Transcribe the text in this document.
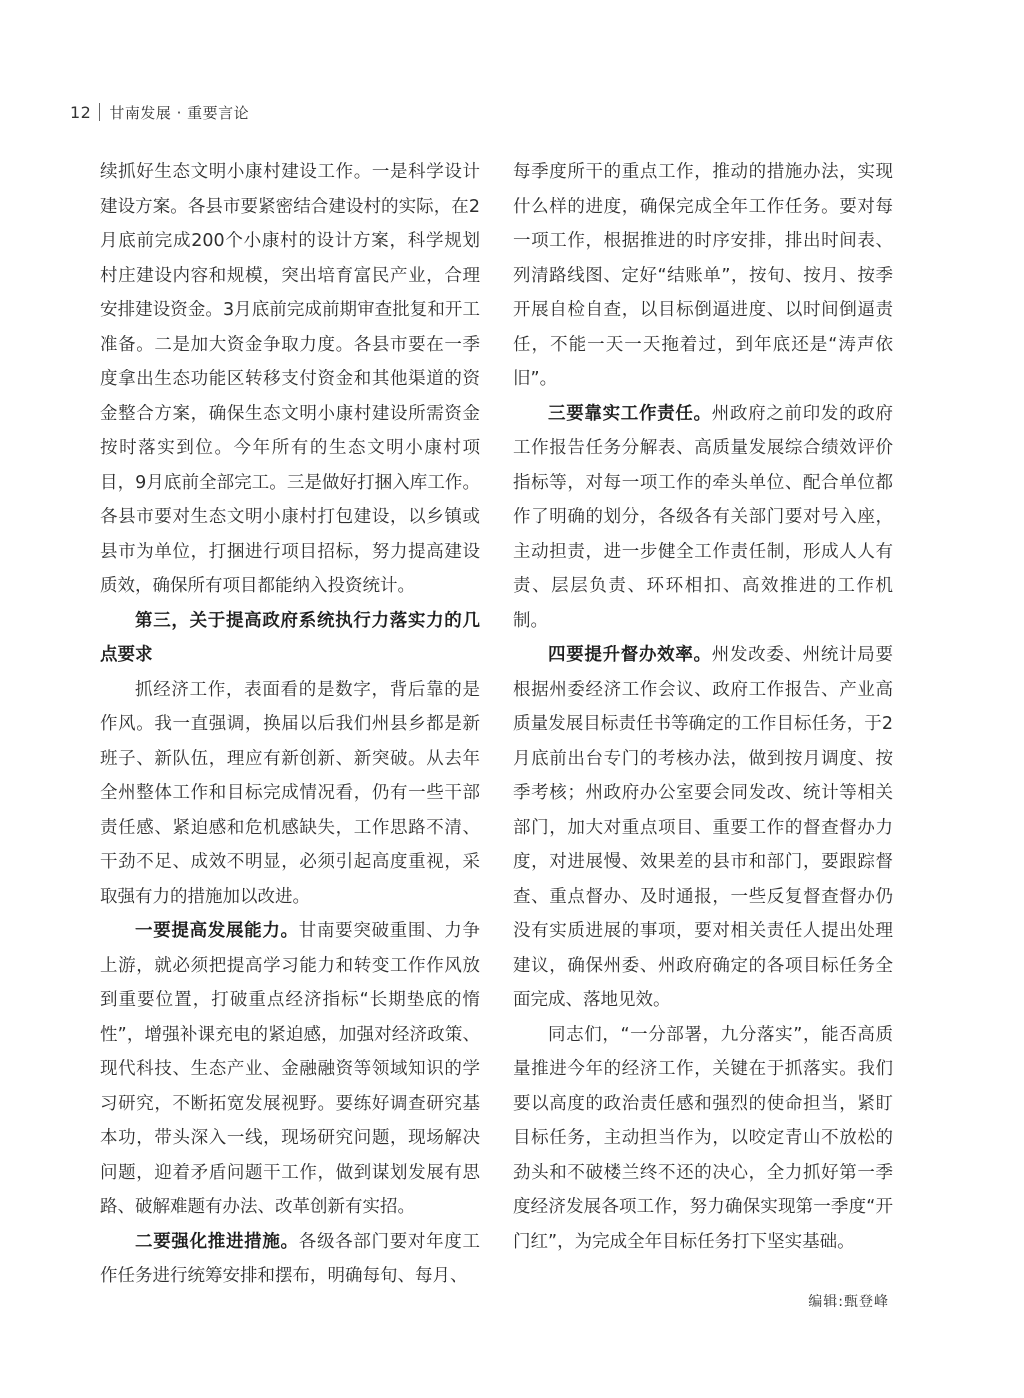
12 甘南发展 · 重要言论

续抓好生态文明小康村建设工作。一是科学设计建设方案。各县市要紧密结合建设村的实际，在2月底前完成200个小康村的设计方案，科学规划村庄建设内容和规模，突出培育富民产业，合理安排建设资金。3月底前完成前期审查批复和开工准备。二是加大资金争取力度。各县市要在一季度拿出生态功能区转移支付资金和其他渠道的资金整合方案，确保生态文明小康村建设所需资金按时落实到位。今年所有的生态文明小康村项目，9月底前全部完工。三是做好打捆入库工作。各县市要对生态文明小康村打包建设，以乡镇或县市为单位，打捆进行项目招标，努力提高建设质效，确保所有项目都能纳入投资统计。

第三，关于提高政府系统执行力落实力的几点要求

抓经济工作，表面看的是数字，背后靠的是作风。我一直强调，换届以后我们州县乡都是新班子、新队伍，理应有新创新、新突破。从去年全州整体工作和目标完成情况看，仍有一些干部责任感、紧迫感和危机感缺失，工作思路不清、干劲不足、成效不明显，必须引起高度重视，采取强有力的措施加以改进。

一要提高发展能力。甘南要突破重围、力争上游，就必须把提高学习能力和转变工作作风放到重要位置，打破重点经济指标“长期垫底的惰性”，增强补课充电的紧迫感，加强对经济政策、现代科技、生态产业、金融融资等领域知识的学习研究，不断拓宽发展视野。要练好调查研究基本功，带头深入一线，现场研究问题，现场解决问题，迎着矛盾问题干工作，做到谋划发展有思路、破解难题有办法、改革创新有实招。

二要强化推进措施。各级各部门要对年度工作任务进行统筹安排和摆布，明确每旬、每月、

每季度所干的重点工作，推动的措施办法，实现什么样的进度，确保完成全年工作任务。要对每一项工作，根据推进的时序安排，排出时间表、列清路线图、定好“结账单”，按旬、按月、按季开展自检自查，以目标倒逼进度、以时间倒逼责任，不能一天一天拖着过，到年底还是“涛声依旧”。

三要靠实工作责任。州政府之前印发的政府工作报告任务分解表、高质量发展综合绩效评价指标等，对每一项工作的牵头单位、配合单位都作了明确的划分，各级各有关部门要对号入座，主动担责，进一步健全工作责任制，形成人人有责、层层负责、环环相扣、高效推进的工作机制。

四要提升督办效率。州发改委、州统计局要根据州委经济工作会议、政府工作报告、产业高质量发展目标责任书等确定的工作目标任务，于2月底前出台专门的考核办法，做到按月调度、按季考核；州政府办公室要会同发改、统计等相关部门，加大对重点项目、重要工作的督查督办力度，对进展慢、效果差的县市和部门，要跟踪督查、重点督办、及时通报，一些反复督查督办仍没有实质进展的事项，要对相关责任人提出处理建议，确保州委、州政府确定的各项目标任务全面完成、落地见效。

同志们，“一分部署，九分落实”，能否高质量推进今年的经济工作，关键在于抓落实。我们要以高度的政治责任感和强烈的使命担当，紧盯目标任务，主动担当作为，以咬定青山不放松的劲头和不破楼兰终不还的决心，全力抓好第一季度经济发展各项工作，努力确保实现第一季度“开门红”，为完成全年目标任务打下坚实基础。

编辑:甄登峰
